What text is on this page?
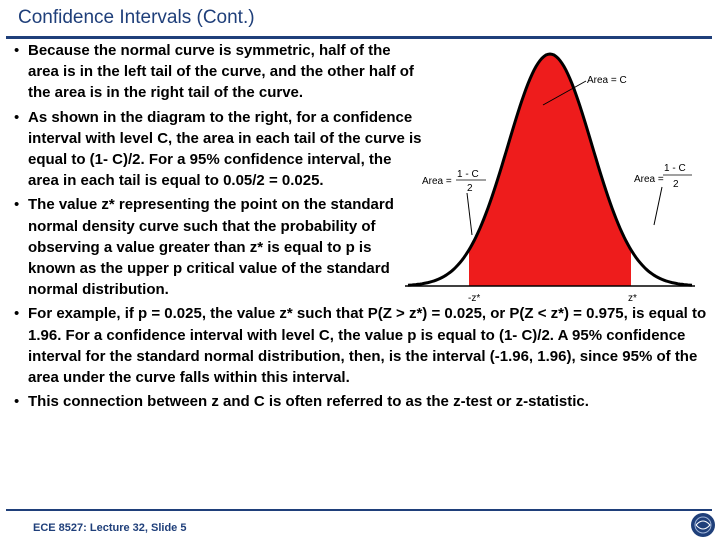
Confidence Intervals (Cont.)
• Because the normal curve is symmetric, half of the area is in the left tail of the curve, and the other half of the area is in the right tail of the curve.
• As shown in the diagram to the right, for a confidence interval with level C, the area in each tail of the curve is equal to (1- C)/2. For a 95% confidence interval, the area in each tail is equal to 0.05/2 = 0.025.
• The value z* representing the point on the standard normal density curve such that the probability of observing a value greater than z* is equal to p is known as the upper p critical value of the standard normal distribution.
• For example, if p = 0.025, the value z* such that P(Z > z*) = 0.025, or P(Z < z*) = 0.975, is equal to 1.96. For a confidence interval with level C, the value p is equal to (1- C)/2. A 95% confidence interval for the standard normal distribution, then, is the interval (-1.96, 1.96), since 95% of the area under the curve falls within this interval.
• This connection between z and C is often referred to as the z-test or z-statistic.
Area = C
Area =
1 - C
2
Area =
1 - C
2
-z*	z*
ECE 8527: Lecture 32, Slide 5
